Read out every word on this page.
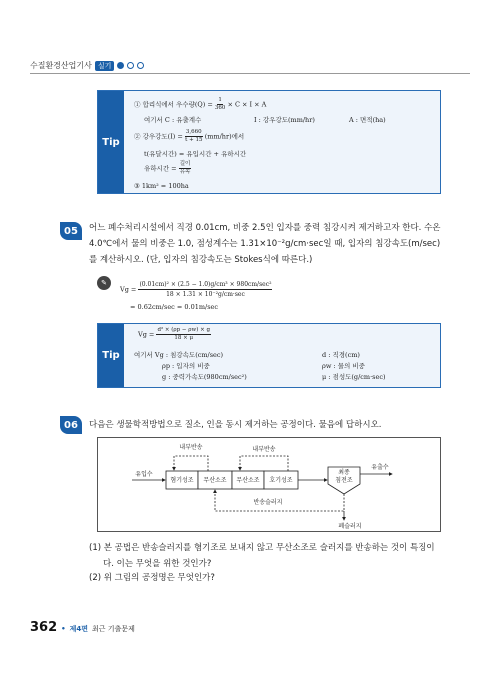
수질환경산업기사 실기
Tip
① 합리식에서 우수량$(Q) = \frac{1}{360} \times C \times I \times A$
여기서 C : 유출계수	I : 강우강도(mm/hr)	A : 면적(ha)
② 강우강도$(I) = \frac{3,660}{t + 15} (mm/hr)$에서
t(유달시간) = 유입시간 + 유하시간
유하시간 = $\frac{\text{길이}}{\text{유속}}$
③ 1km² = 100ha
05	어느 폐수처리시설에서 직경 0.01cm, 비중 2.5인 입자를 중력 침강시켜 제거하고자 한다. 수온
4.0℃에서 물의 비중은 1.0, 점성계수는 1.31×10⁻²g/cm·sec일 때, 입자의 침강속도(m/sec)
를 계산하시오. (단, 입자의 침강속도는 Stokes식에 따른다.)
✎
$Vg = \frac{\text{(0.01cm)² × (2.5 − 1.0)g/cm³ × 980cm/sec²}}{\text{18 × 1.31 × 10⁻²g/cm·sec}}$
= 0.62cm/sec = 0.01m/sec
Tip
$Vg = \frac{\text{d² × (ρp − ρw) × g}}{18 \times \mu}$
여기서 Vg : 침강속도(cm/sec)	d : 직경(cm)
ρp : 입자의 비중	ρw : 물의 비중
g : 중력가속도(980cm/sec²)	μ : 점성도(g/cm·sec)
06	다음은 생물학적방법으로 질소, 인을 동시 제거하는 공정이다. 물음에 답하시오.
혐기성조 무산소조 무산소조 호기성조
유입수
내부반송	내부반송
최종
침전조
유출수
반송슬러지
폐슬러지
(1) 본 공법은 반송슬러지를 혐기조로 보내지 않고 무산소조로 슬러지를 반송하는 것이 특징이
다. 이는 무엇을 위한 것인가?
(2) 위 그림의 공정명은 무엇인가?
362 • 제4편 최근 기출문제
